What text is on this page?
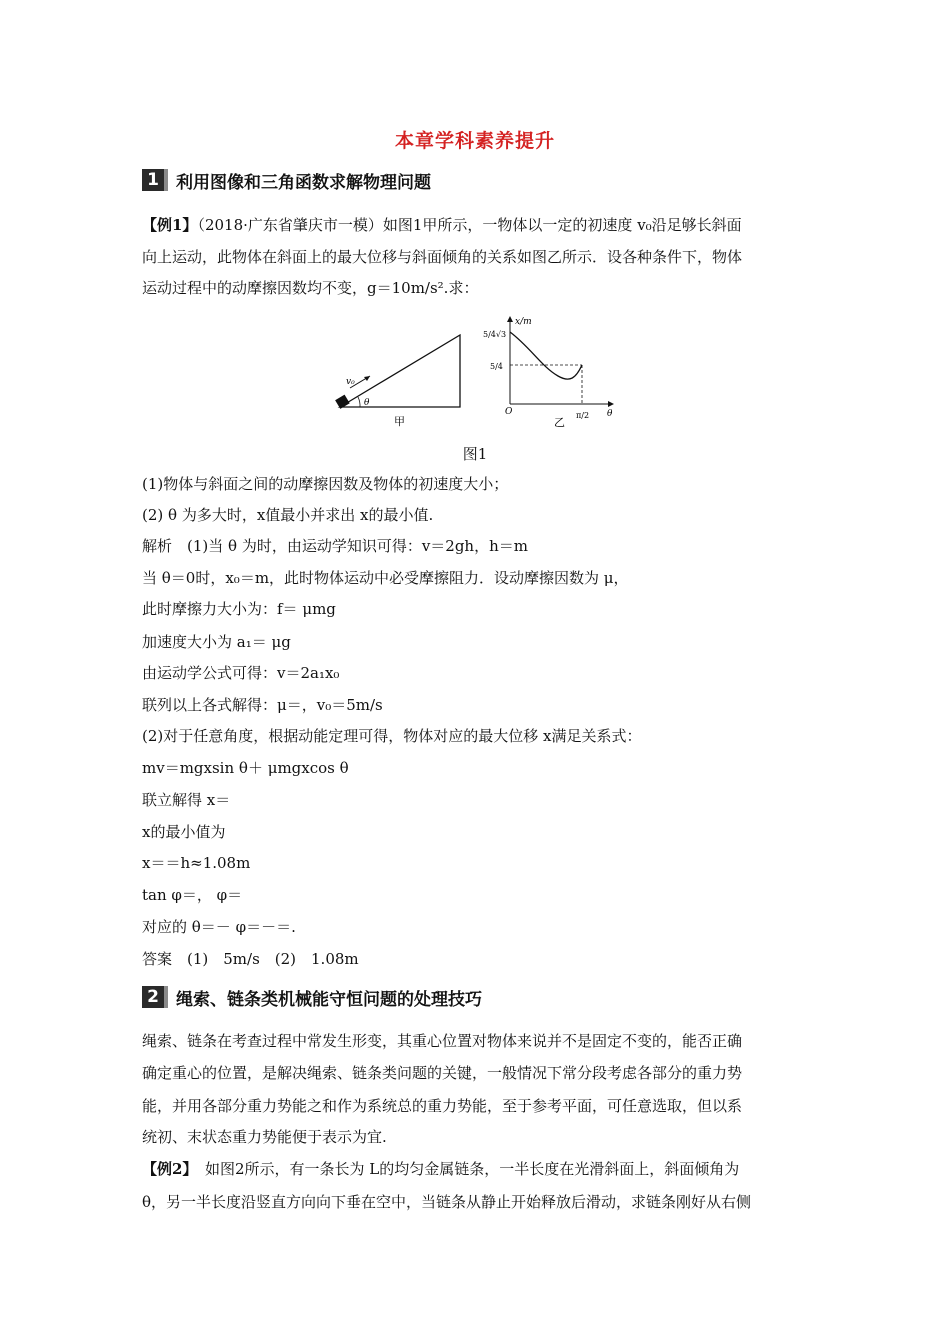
本章学科素养提升
1	利用图像和三角函数求解物理问题
【例1】（2018·广东省肇庆市一模）如图1甲所示，一物体以一定的初速度 v₀沿足够长斜面
向上运动，此物体在斜面上的最大位移与斜面倾角的关系如图乙所示．设各种条件下，物体
运动过程中的动摩擦因数均不变，g＝10m/s².求：
v₀
θ
甲
x/m
θ
O
5/4√3
5/4
π/2
乙
图1
(1)物体与斜面之间的动摩擦因数及物体的初速度大小；
(2) θ 为多大时，x值最小并求出 x的最小值.
解析　(1)当 θ 为时，由运动学知识可得：v＝2gh，h＝m
当 θ＝0时，x₀＝m，此时物体运动中必受摩擦阻力．设动摩擦因数为 μ，
此时摩擦力大小为：f＝ μmg
加速度大小为 a₁＝ μg
由运动学公式可得：v＝2a₁x₀
联列以上各式解得：μ＝，v₀＝5m/s
(2)对于任意角度，根据动能定理可得，物体对应的最大位移 x满足关系式：
mv＝mgxsin θ＋ μmgxcos θ
联立解得 x＝
x的最小值为
x＝＝h≈1.08m
tan φ＝， φ＝
对应的 θ＝－ φ＝－＝.
答案　(1)　5m/s　(2)　1.08m
2	绳索、链条类机械能守恒问题的处理技巧
绳索、链条在考查过程中常发生形变，其重心位置对物体来说并不是固定不变的，能否正确
确定重心的位置，是解决绳索、链条类问题的关键，一般情况下常分段考虑各部分的重力势
能，并用各部分重力势能之和作为系统总的重力势能，至于参考平面，可任意选取，但以系
统初、末状态重力势能便于表示为宜.
【例2】　如图2所示，有一条长为 L的均匀金属链条，一半长度在光滑斜面上，斜面倾角为
θ，另一半长度沿竖直方向向下垂在空中，当链条从静止开始释放后滑动，求链条刚好从右侧
